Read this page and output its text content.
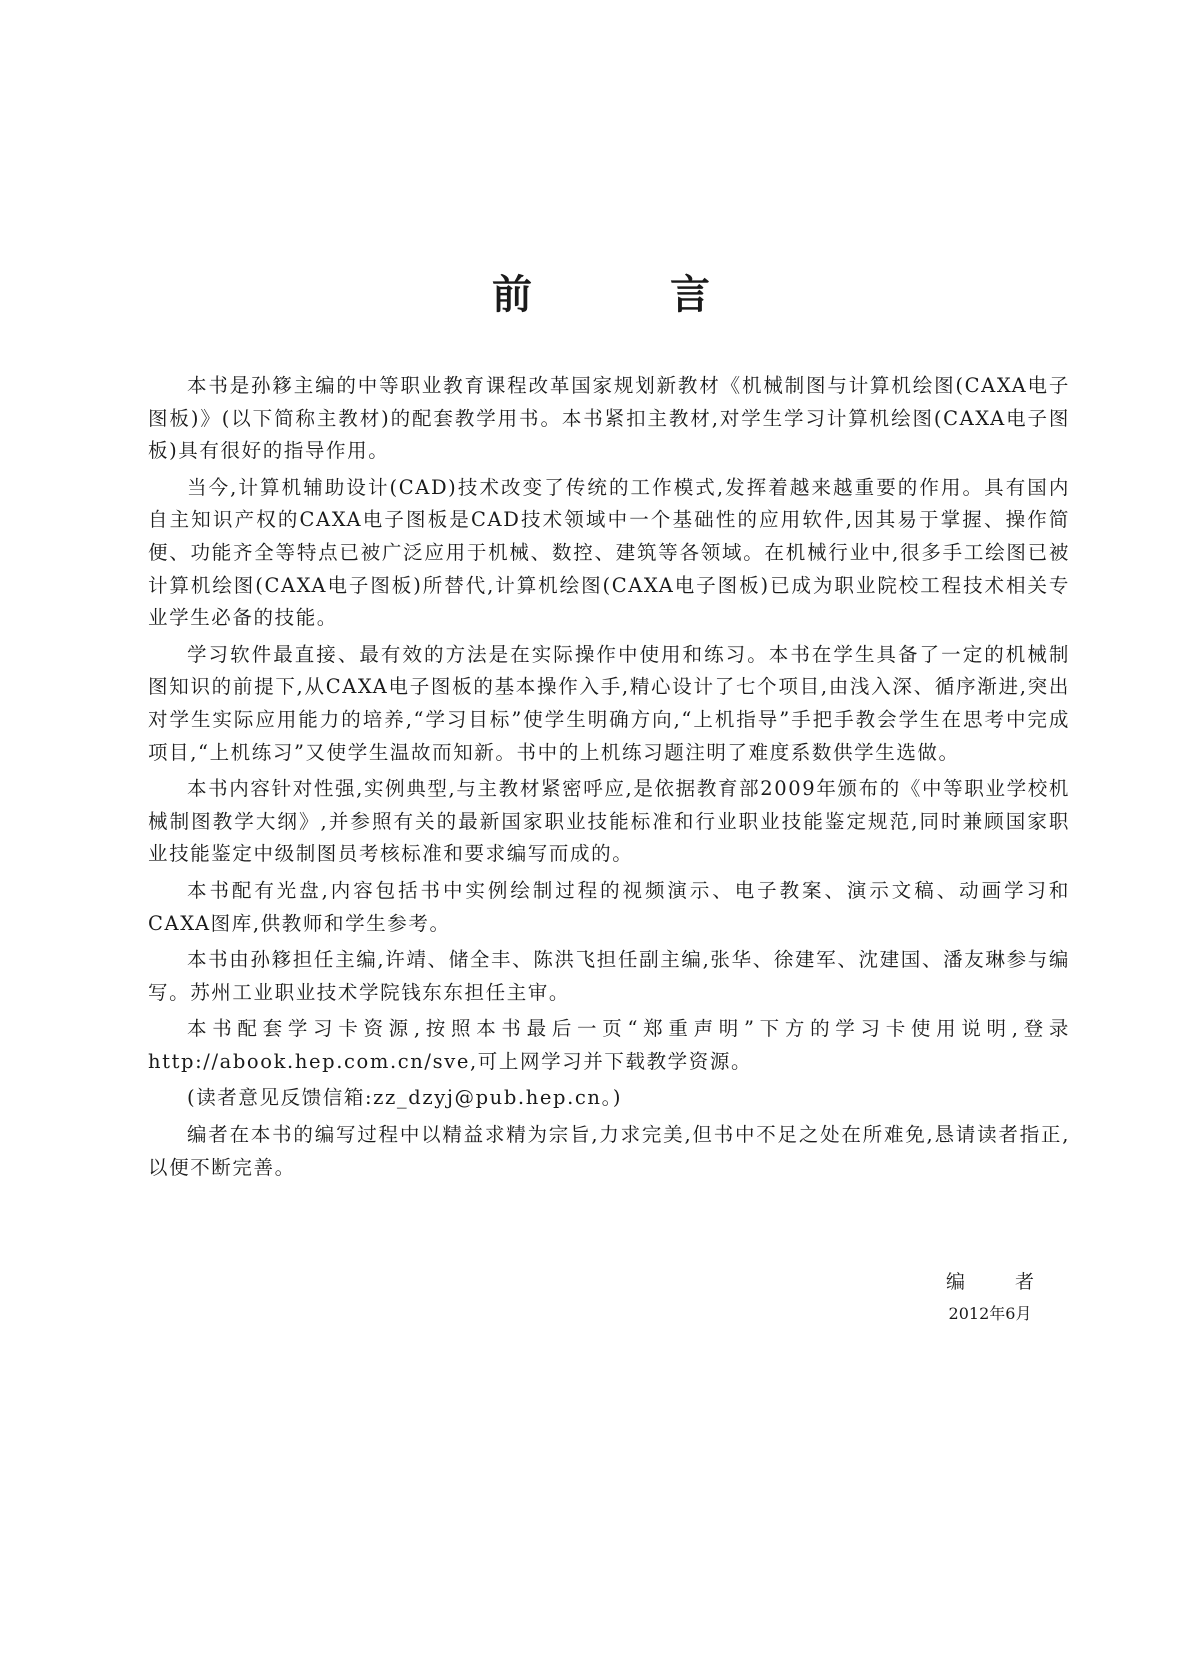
前 言

本书是孙簃主编的中等职业教育课程改革国家规划新教材《机械制图与计算机绘图(CAXA电子图板)》(以下简称主教材)的配套教学用书。本书紧扣主教材,对学生学习计算机绘图(CAXA电子图板)具有很好的指导作用。

当今,计算机辅助设计(CAD)技术改变了传统的工作模式,发挥着越来越重要的作用。具有国内自主知识产权的CAXA电子图板是CAD技术领域中一个基础性的应用软件,因其易于掌握、操作简便、功能齐全等特点已被广泛应用于机械、数控、建筑等各领域。在机械行业中,很多手工绘图已被计算机绘图(CAXA电子图板)所替代,计算机绘图(CAXA电子图板)已成为职业院校工程技术相关专业学生必备的技能。

学习软件最直接、最有效的方法是在实际操作中使用和练习。本书在学生具备了一定的机械制图知识的前提下,从CAXA电子图板的基本操作入手,精心设计了七个项目,由浅入深、循序渐进,突出对学生实际应用能力的培养,“学习目标”使学生明确方向,“上机指导”手把手教会学生在思考中完成项目,“上机练习”又使学生温故而知新。书中的上机练习题注明了难度系数供学生选做。

本书内容针对性强,实例典型,与主教材紧密呼应,是依据教育部2009年颁布的《中等职业学校机械制图教学大纲》,并参照有关的最新国家职业技能标准和行业职业技能鉴定规范,同时兼顾国家职业技能鉴定中级制图员考核标准和要求编写而成的。

本书配有光盘,内容包括书中实例绘制过程的视频演示、电子教案、演示文稿、动画学习和CAXA图库,供教师和学生参考。

本书由孙簃担任主编,许靖、储全丰、陈洪飞担任副主编,张华、徐建军、沈建国、潘友琳参与编写。苏州工业职业技术学院钱东东担任主审。

本书配套学习卡资源,按照本书最后一页“郑重声明”下方的学习卡使用说明,登录http://abook.hep.com.cn/sve,可上网学习并下载教学资源。

(读者意见反馈信箱:zz_dzyj@pub.hep.cn。)

编者在本书的编写过程中以精益求精为宗旨,力求完美,但书中不足之处在所难免,恳请读者指正,以便不断完善。

编 者
2012年6月
